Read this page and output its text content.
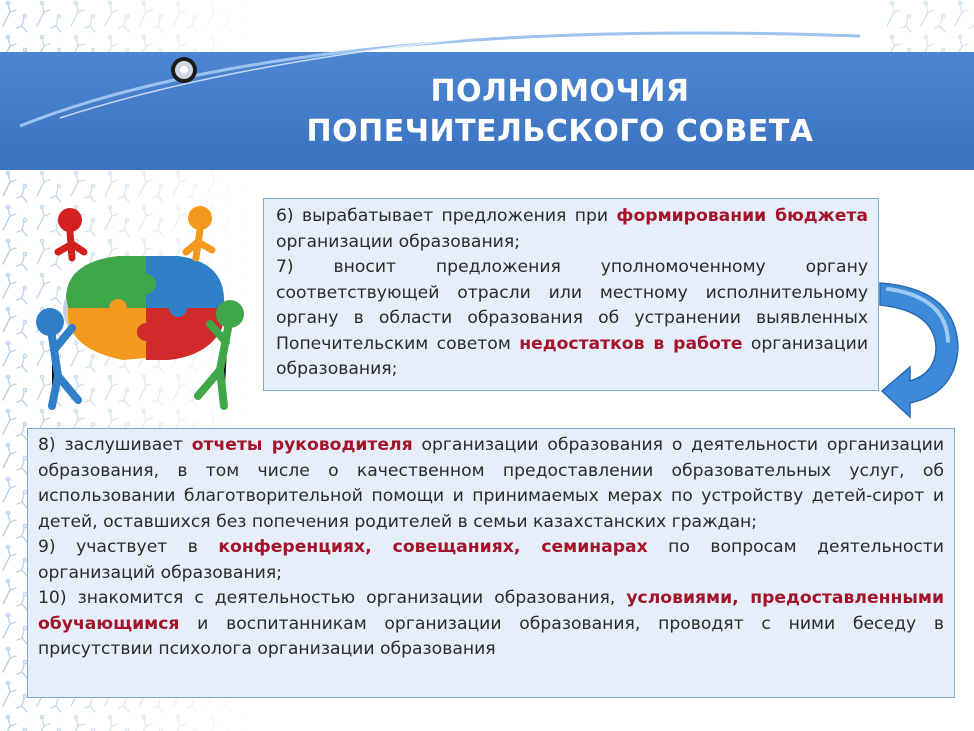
ПОЛНОМОЧИЯ
ПОПЕЧИТЕЛЬСКОГО СОВЕТА

6) вырабатывает предложения при формировании бюджета организации образования;

7) вносит предложения уполномоченному органу соответствующей отрасли или местному исполнительному органу в области образования об устранении выявленных Попечительским советом недостатков в работе организации образования;

8) заслушивает отчеты руководителя организации образования о деятельности организации образования, в том числе о качественном предоставлении образовательных услуг, об использовании благотворительной помощи и принимаемых мерах по устройству детей-сирот и детей, оставшихся без попечения родителей в семьи казахстанских граждан;

9) участвует в конференциях, совещаниях, семинарах по вопросам деятельности организаций образования;

10) знакомится с деятельностью организации образования, условиями, предоставленными обучающимся и воспитанникам организации образования, проводят с ними беседу в присутствии психолога организации образования
